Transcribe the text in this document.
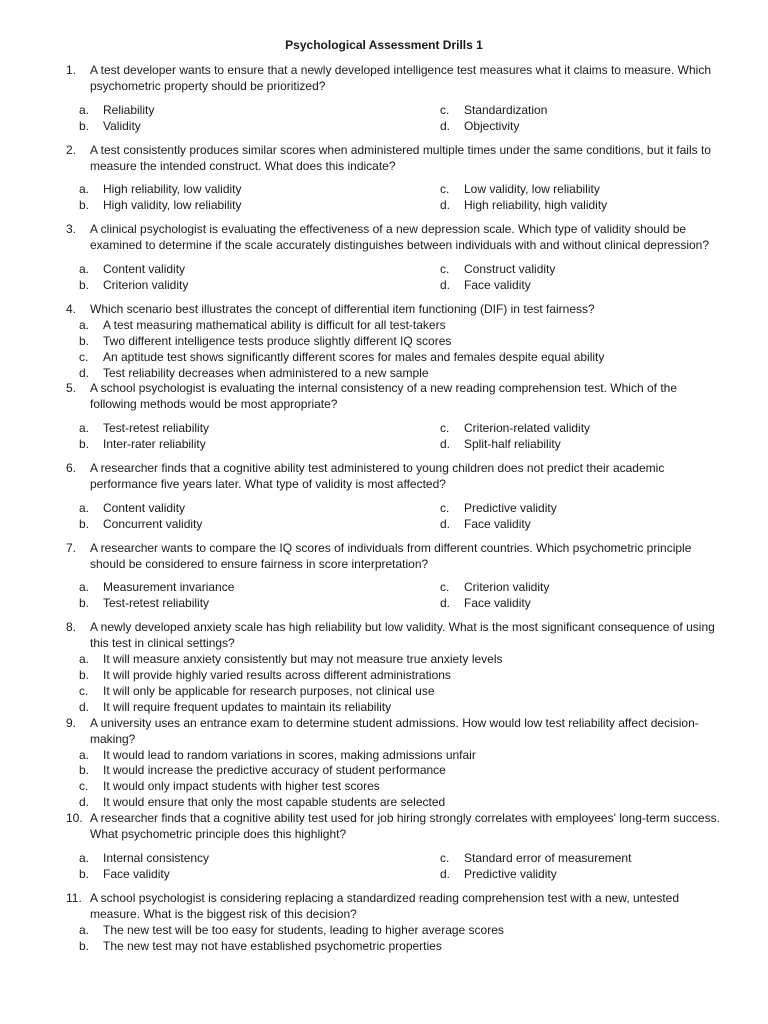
Psychological Assessment Drills 1
1.	A test developer wants to ensure that a newly developed intelligence test measures what it claims to measure. Which psychometric property should be prioritized?
a.	Reliability	c.	Standardization
b.	Validity	d.	Objectivity
2.	A test consistently produces similar scores when administered multiple times under the same conditions, but it fails to measure the intended construct. What does this indicate?
a.	High reliability, low validity	c.	Low validity, low reliability
b.	High validity, low reliability	d.	High reliability, high validity
3.	A clinical psychologist is evaluating the effectiveness of a new depression scale. Which type of validity should be examined to determine if the scale accurately distinguishes between individuals with and without clinical depression?
a.	Content validity	c.	Construct validity
b.	Criterion validity	d.	Face validity
4.	Which scenario best illustrates the concept of differential item functioning (DIF) in test fairness?
a.	A test measuring mathematical ability is difficult for all test-takers
b.	Two different intelligence tests produce slightly different IQ scores
c.	An aptitude test shows significantly different scores for males and females despite equal ability
d.	Test reliability decreases when administered to a new sample
5.	A school psychologist is evaluating the internal consistency of a new reading comprehension test. Which of the following methods would be most appropriate?
a.	Test-retest reliability	c.	Criterion-related validity
b.	Inter-rater reliability	d.	Split-half reliability
6.	A researcher finds that a cognitive ability test administered to young children does not predict their academic performance five years later. What type of validity is most affected?
a.	Content validity	c.	Predictive validity
b.	Concurrent validity	d.	Face validity
7.	A researcher wants to compare the IQ scores of individuals from different countries. Which psychometric principle should be considered to ensure fairness in score interpretation?
a.	Measurement invariance	c.	Criterion validity
b.	Test-retest reliability	d.	Face validity
8.	A newly developed anxiety scale has high reliability but low validity. What is the most significant consequence of using this test in clinical settings?
a.	It will measure anxiety consistently but may not measure true anxiety levels
b.	It will provide highly varied results across different administrations
c.	It will only be applicable for research purposes, not clinical use
d.	It will require frequent updates to maintain its reliability
9.	A university uses an entrance exam to determine student admissions. How would low test reliability affect decision-making?
a.	It would lead to random variations in scores, making admissions unfair
b.	It would increase the predictive accuracy of student performance
c.	It would only impact students with higher test scores
d.	It would ensure that only the most capable students are selected
10. A researcher finds that a cognitive ability test used for job hiring strongly correlates with employees' long-term success. What psychometric principle does this highlight?
a.	Internal consistency	c.	Standard error of measurement
b.	Face validity	d.	Predictive validity
11. A school psychologist is considering replacing a standardized reading comprehension test with a new, untested measure. What is the biggest risk of this decision?
a.	The new test will be too easy for students, leading to higher average scores
b.	The new test may not have established psychometric properties
